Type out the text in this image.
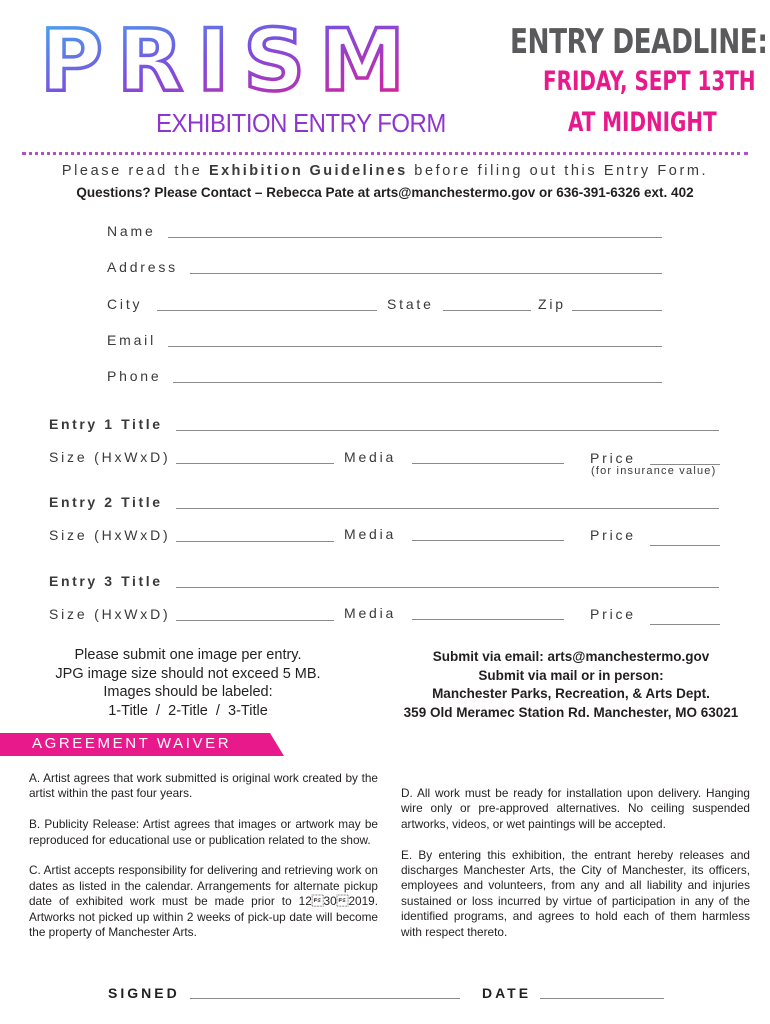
PRISM
EXHIBITION ENTRY FORM
ENTRY DEADLINE:
FRIDAY, SEPT 13TH
AT MIDNIGHT
Please read the Exhibition Guidelines before filing out this Entry Form.
Questions? Please Contact – Rebecca Pate at arts@manchestermo.gov or 636-391-6326 ext. 402
Name
Address
City	State	Zip
Email
Phone
Entry 1 Title
Size (HxWxD)	Media	Price
(for insurance value)
Entry 2 Title
Size (HxWxD)	Media	Price
Entry 3 Title
Size (HxWxD)	Media	Price
Please submit one image per entry.
JPG image size should not exceed 5 MB.
Images should be labeled:
1-Title  /  2-Title  /  3-Title
Submit via email: arts@manchestermo.gov
Submit via mail or in person:
Manchester Parks, Recreation, & Arts Dept.
359 Old Meramec Station Rd. Manchester, MO 63021
AGREEMENT WAIVER

A. Artist agrees that work submitted is original work created by the artist within the past four years.

B. Publicity Release: Artist agrees that images or artwork may be reproduced for educational use or publication related to the show.

C. Artist accepts responsibility for delivering and retrieving work on dates as listed in the calendar. Arrangements for alternate pickup date of exhibited work must be made prior to 12302019. Artworks not picked up within 2 weeks of pick-up date will become the property of Manchester Arts.

D. All work must be ready for installation upon delivery. Hanging wire only or pre-approved alternatives. No ceiling suspended artworks, videos, or wet paintings will be accepted.

E. By entering this exhibition, the entrant hereby releases and discharges Manchester Arts, the City of Manchester, its officers, employees and volunteers, from any and all liability and injuries sustained or loss incurred by virtue of participation in any of the identified programs, and agrees to hold each of them harmless with respect thereto.

SIGNED	DATE
